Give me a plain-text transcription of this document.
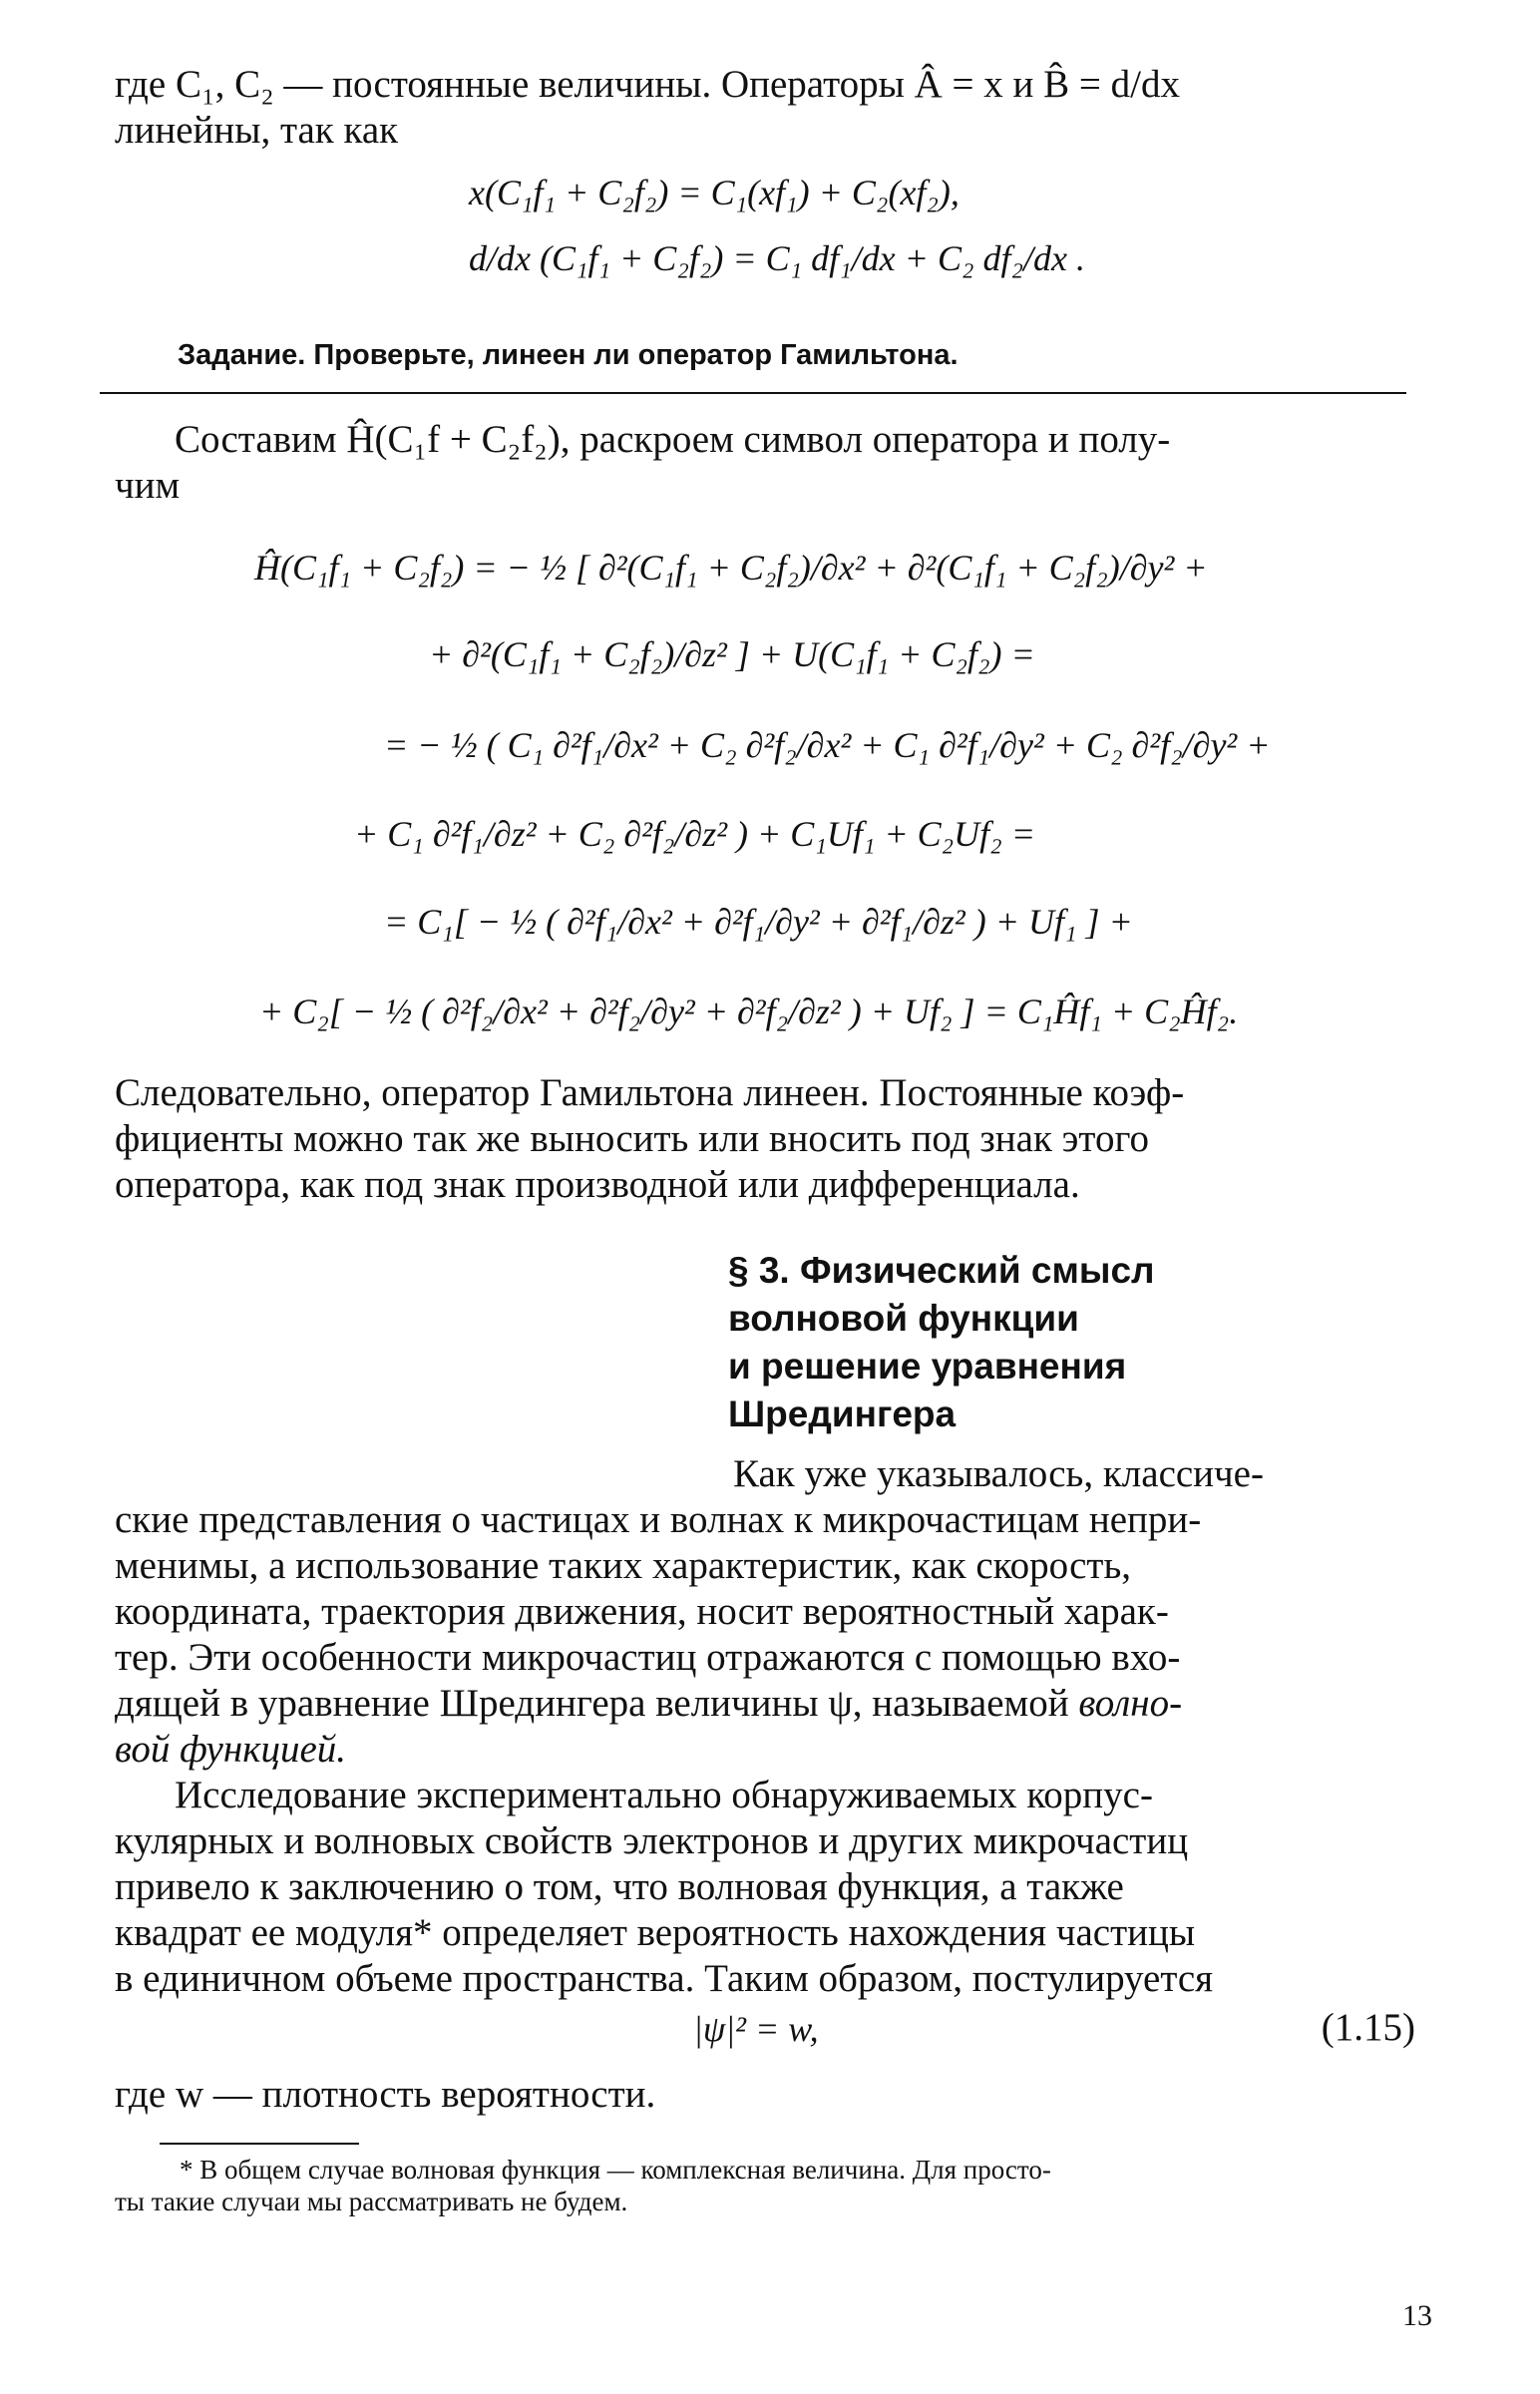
где C₁, C₂ — постоянные величины. Операторы Â = x и B̂ = d/dx
линейны, так как
x(C₁f₁ + C₂f₂) = C₁(xf₁) + C₂(xf₂),
d/dx (C₁f₁ + C₂f₂) = C₁ df₁/dx + C₂ df₂/dx .
Задание. Проверьте, линеен ли оператор Гамильтона.
Составим Ĥ(C₁f + C₂f₂), раскроем символ оператора и полу-
чим
Ĥ(C₁f₁ + C₂f₂) = − ½ [ ∂²(C₁f₁ + C₂f₂)/∂x² + ∂²(C₁f₁ + C₂f₂)/∂y² +
+ ∂²(C₁f₁ + C₂f₂)/∂z² ] + U(C₁f₁ + C₂f₂) =
= − ½ ( C₁ ∂²f₁/∂x² + C₂ ∂²f₂/∂x² + C₁ ∂²f₁/∂y² + C₂ ∂²f₂/∂y² +
+ C₁ ∂²f₁/∂z² + C₂ ∂²f₂/∂z² ) + C₁Uf₁ + C₂Uf₂ =
= C₁[ − ½ ( ∂²f₁/∂x² + ∂²f₁/∂y² + ∂²f₁/∂z² ) + Uf₁ ] +
+ C₂[ − ½ ( ∂²f₂/∂x² + ∂²f₂/∂y² + ∂²f₂/∂z² ) + Uf₂ ] = C₁Ĥf₁ + C₂Ĥf₂.
Следовательно, оператор Гамильтона линеен. Постоянные коэф-
фициенты можно так же выносить или вносить под знак этого
оператора, как под знак производной или дифференциала.
§ 3. Физический смысл
волновой функции
и решение уравнения
Шредингера
Как уже указывалось, классиче-
ские представления о частицах и волнах к микрочастицам непри-
менимы, а использование таких характеристик, как скорость,
координата, траектория движения, носит вероятностный харак-
тер. Эти особенности микрочастиц отражаются с помощью вхо-
дящей в уравнение Шредингера величины ψ, называемой волно-
вой функцией.
Исследование экспериментально обнаруживаемых корпус-
кулярных и волновых свойств электронов и других микрочастиц
привело к заключению о том, что волновая функция, а также
квадрат ее модуля* определяет вероятность нахождения частицы
в единичном объеме пространства. Таким образом, постулируется
|ψ|² = w,	(1.15)
где w — плотность вероятности.
* В общем случае волновая функция — комплексная величина. Для просто-
ты такие случаи мы рассматривать не будем.
13
